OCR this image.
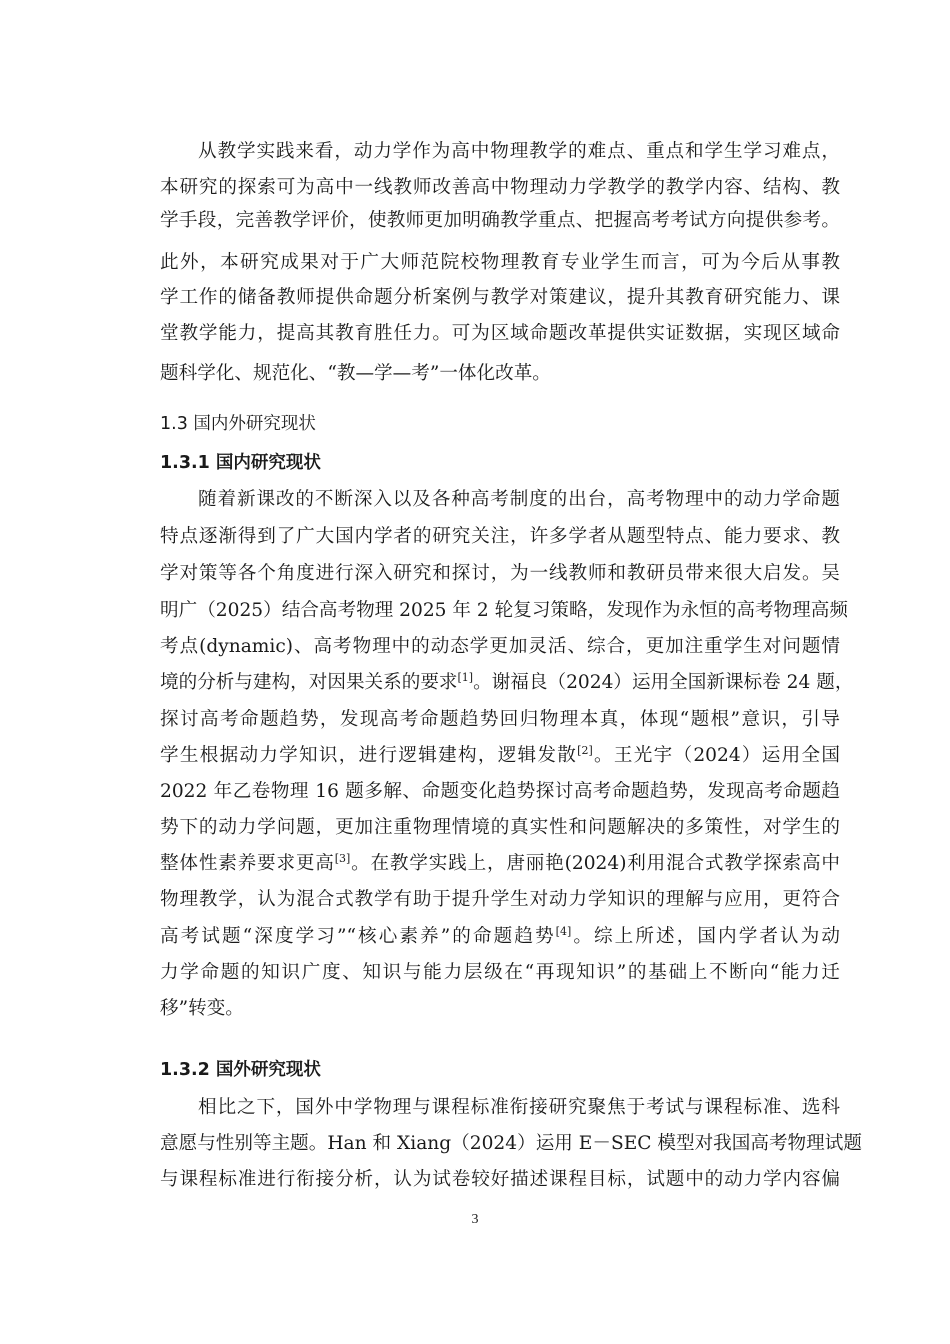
从教学实践来看，动力学作为高中物理教学的难点、重点和学生学习难点，
本研究的探索可为高中一线教师改善高中物理动力学教学的教学内容、结构、教
学手段，完善教学评价，使教师更加明确教学重点、把握高考考试方向提供参考。
此外，本研究成果对于广大师范院校物理教育专业学生而言，可为今后从事教
学工作的储备教师提供命题分析案例与教学对策建议，提升其教育研究能力、课
堂教学能力，提高其教育胜任力。可为区域命题改革提供实证数据，实现区域命
题科学化、规范化、“教—学—考”一体化改革。
1.3 国内外研究现状
1.3.1 国内研究现状
随着新课改的不断深入以及各种高考制度的出台，高考物理中的动力学命题
特点逐渐得到了广大国内学者的研究关注，许多学者从题型特点、能力要求、教
学对策等各个角度进行深入研究和探讨，为一线教师和教研员带来很大启发。吴
明广（2025）结合高考物理 2025 年 2 轮复习策略，发现作为永恒的高考物理高频
考点(dynamic)、高考物理中的动态学更加灵活、综合，更加注重学生对问题情
境的分析与建构，对因果关系的要求[1]。谢福良（2024）运用全国新课标卷 24 题，
探讨高考命题趋势，发现高考命题趋势回归物理本真，体现“题根”意识，引导
学生根据动力学知识，进行逻辑建构，逻辑发散[2]。王光宇（2024）运用全国
2022 年乙卷物理 16 题多解、命题变化趋势探讨高考命题趋势，发现高考命题趋
势下的动力学问题，更加注重物理情境的真实性和问题解决的多策性，对学生的
整体性素养要求更高[3]。在教学实践上，唐丽艳(2024)利用混合式教学探索高中
物理教学，认为混合式教学有助于提升学生对动力学知识的理解与应用，更符合
高考试题“深度学习”“核心素养”的命题趋势[4]。综上所述，国内学者认为动
力学命题的知识广度、知识与能力层级在“再现知识”的基础上不断向“能力迁
移”转变。
1.3.2 国外研究现状
相比之下，国外中学物理与课程标准衔接研究聚焦于考试与课程标准、选科
意愿与性别等主题。Han 和 Xiang（2024）运用 E－SEC 模型对我国高考物理试题
与课程标准进行衔接分析，认为试卷较好描述课程目标，试题中的动力学内容偏
3
